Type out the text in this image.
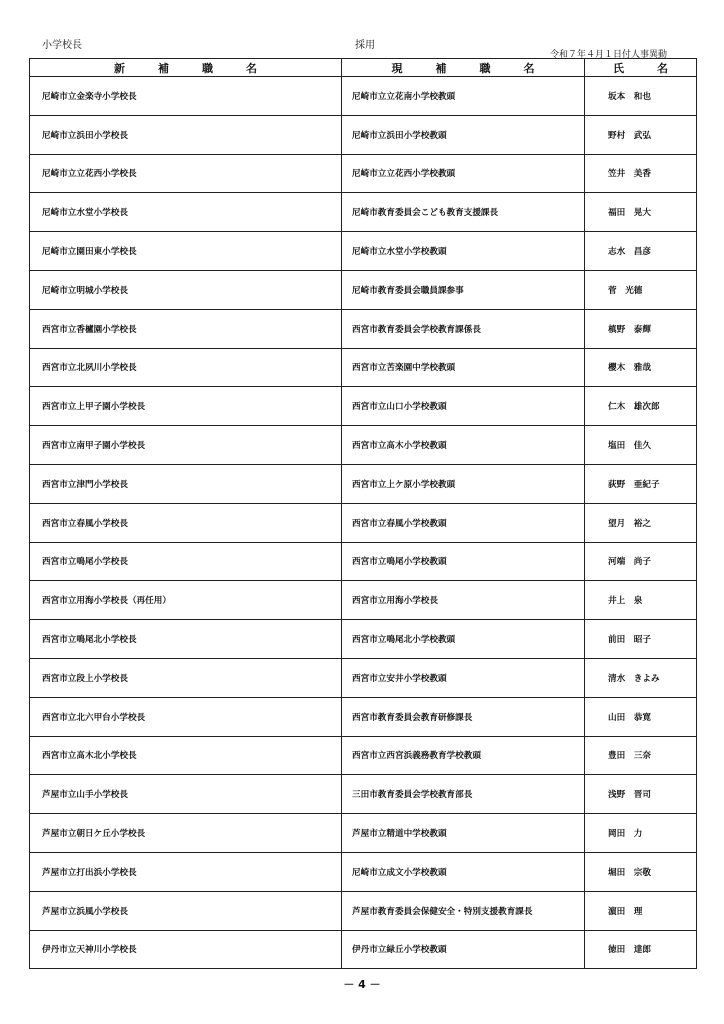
小学校長	採用
令和７年４月１日付人事異動
新　　　補　　　職　　　名	現　　　補　　　職　　　名	氏　　　名
尼崎市立金楽寺小学校長	尼崎市立立花南小学校教頭	坂本　和也
尼崎市立浜田小学校長	尼崎市立浜田小学校教頭	野村　武弘
尼崎市立立花西小学校長	尼崎市立立花西小学校教頭	笠井　美香
尼崎市立水堂小学校長	尼崎市教育委員会こども教育支援課長	福田　晃大
尼崎市立園田東小学校長	尼崎市立水堂小学校教頭	志水　昌彦
尼崎市立明城小学校長	尼崎市教育委員会職員課参事	菅　光德
西宮市立香櫨園小学校長	西宮市教育委員会学校教育課係長	槙野　泰輝
西宮市立北夙川小学校長	西宮市立苦楽園中学校教頭	櫻木　雅哉
西宮市立上甲子園小学校長	西宮市立山口小学校教頭	仁木　雄次郎
西宮市立南甲子園小学校長	西宮市立髙木小学校教頭	塩田　佳久
西宮市立津門小学校長	西宮市立上ケ原小学校教頭	荻野　亜紀子
西宮市立春風小学校長	西宮市立春風小学校教頭	望月　裕之
西宮市立鳴尾小学校長	西宮市立鳴尾小学校教頭	河端　尚子
西宮市立用海小学校長（再任用）	西宮市立用海小学校長	井上　泉
西宮市立鳴尾北小学校長	西宮市立鳴尾北小学校教頭	前田　昭子
西宮市立段上小学校長	西宮市立安井小学校教頭	清水　きよみ
西宮市立北六甲台小学校長	西宮市教育委員会教育研修課長	山田　恭寛
西宮市立髙木北小学校長	西宮市立西宮浜義務教育学校教頭	豊田　三奈
芦屋市立山手小学校長	三田市教育委員会学校教育部長	浅野　晋司
芦屋市立朝日ケ丘小学校長	芦屋市立精道中学校教頭	岡田　力
芦屋市立打出浜小学校長	尼崎市立成文小学校教頭	堀田　宗敬
芦屋市立浜風小学校長	芦屋市教育委員会保健安全・特別支援教育課長	濵田　理
伊丹市立天神川小学校長	伊丹市立緑丘小学校教頭	徳田　達郎
－ 4 －
